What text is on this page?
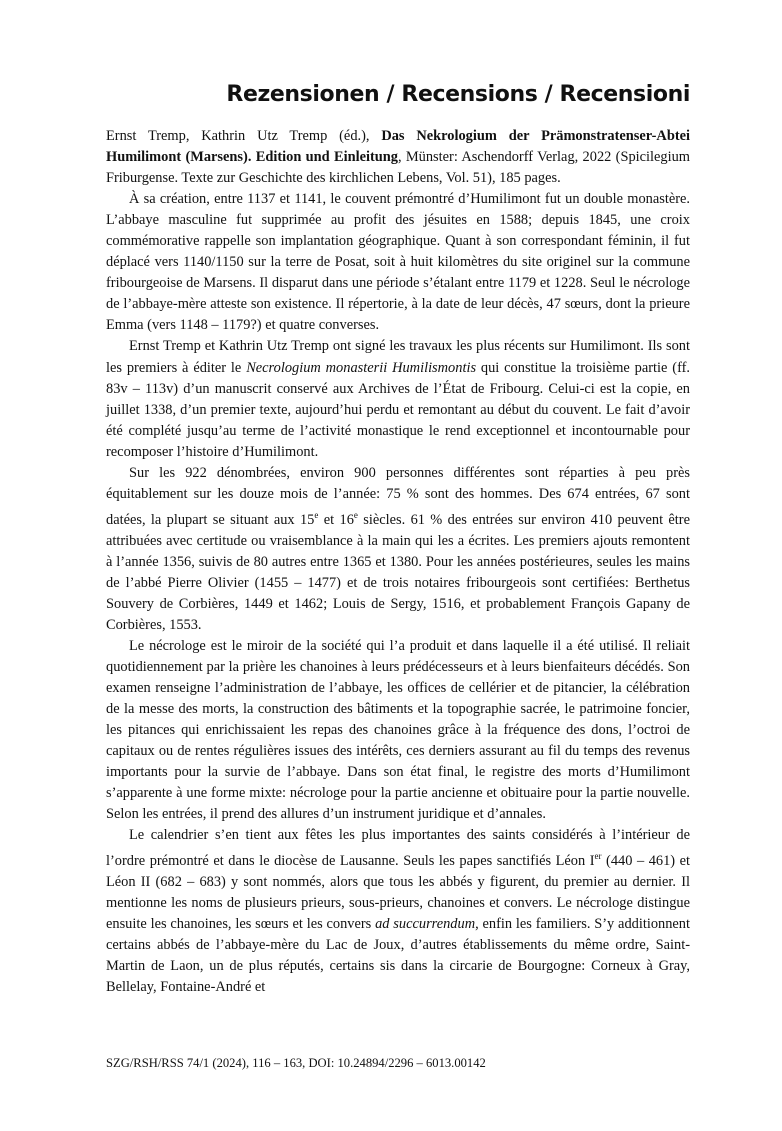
Rezensionen / Recensions / Recensioni

Ernst Tremp, Kathrin Utz Tremp (éd.), Das Nekrologium der Prämonstratenser-Abtei Humilimont (Marsens). Edition und Einleitung, Münster: Aschendorff Verlag, 2022 (Spicilegium Friburgense. Texte zur Geschichte des kirchlichen Lebens, Vol. 51), 185 pages.

À sa création, entre 1137 et 1141, le couvent prémontré d’Humilimont fut un double monastère. L’abbaye masculine fut supprimée au profit des jésuites en 1588; depuis 1845, une croix commémorative rappelle son implantation géographique. Quant à son correspondant féminin, il fut déplacé vers 1140/1150 sur la terre de Posat, soit à huit kilomètres du site originel sur la commune fribourgeoise de Marsens. Il disparut dans une période s’étalant entre 1179 et 1228. Seul le nécrologe de l’abbaye-mère atteste son existence. Il répertorie, à la date de leur décès, 47 sœurs, dont la prieure Emma (vers 1148 – 1179?) et quatre converses.

Ernst Tremp et Kathrin Utz Tremp ont signé les travaux les plus récents sur Humilimont. Ils sont les premiers à éditer le Necrologium monasterii Humilismontis qui constitue la troisième partie (ff. 83v – 113v) d’un manuscrit conservé aux Archives de l’État de Fribourg. Celui-ci est la copie, en juillet 1338, d’un premier texte, aujourd’hui perdu et remontant au début du couvent. Le fait d’avoir été complété jusqu’au terme de l’activité monastique le rend exceptionnel et incontournable pour recomposer l’histoire d’Humilimont.

Sur les 922 dénombrées, environ 900 personnes différentes sont réparties à peu près équitablement sur les douze mois de l’année: 75 % sont des hommes. Des 674 entrées, 67 sont datées, la plupart se situant aux 15e et 16e siècles. 61 % des entrées sur environ 410 peuvent être attribuées avec certitude ou vraisemblance à la main qui les a écrites. Les premiers ajouts remontent à l’année 1356, suivis de 80 autres entre 1365 et 1380. Pour les années postérieures, seules les mains de l’abbé Pierre Olivier (1455 – 1477) et de trois notaires fribourgeois sont certifiées: Berthetus Souvery de Corbières, 1449 et 1462; Louis de Sergy, 1516, et probablement François Gapany de Corbières, 1553.

Le nécrologe est le miroir de la société qui l’a produit et dans laquelle il a été utilisé. Il reliait quotidiennement par la prière les chanoines à leurs prédécesseurs et à leurs bienfaiteurs décédés. Son examen renseigne l’administration de l’abbaye, les offices de cellérier et de pitancier, la célébration de la messe des morts, la construction des bâtiments et la topographie sacrée, le patrimoine foncier, les pitances qui enrichissaient les repas des chanoines grâce à la fréquence des dons, l’octroi de capitaux ou de rentes régulières issues des intérêts, ces derniers assurant au fil du temps des revenus importants pour la survie de l’abbaye. Dans son état final, le registre des morts d’Humilimont s’apparente à une forme mixte: nécrologe pour la partie ancienne et obituaire pour la partie nouvelle. Selon les entrées, il prend des allures d’un instrument juridique et d’annales.

Le calendrier s’en tient aux fêtes les plus importantes des saints considérés à l’intérieur de l’ordre prémontré et dans le diocèse de Lausanne. Seuls les papes sanctifiés Léon Ier (440 – 461) et Léon II (682 – 683) y sont nommés, alors que tous les abbés y figurent, du premier au dernier. Il mentionne les noms de plusieurs prieurs, sous-prieurs, chanoines et convers. Le nécrologe distingue ensuite les chanoines, les sœurs et les convers ad succurrendum, enfin les familiers. S’y additionnent certains abbés de l’abbaye-mère du Lac de Joux, d’autres établissements du même ordre, Saint-Martin de Laon, un de plus réputés, certains sis dans la circarie de Bourgogne: Corneux à Gray, Bellelay, Fontaine-André et

SZG/RSH/RSS 74/1 (2024), 116 – 163, DOI: 10.24894/2296 – 6013.00142
